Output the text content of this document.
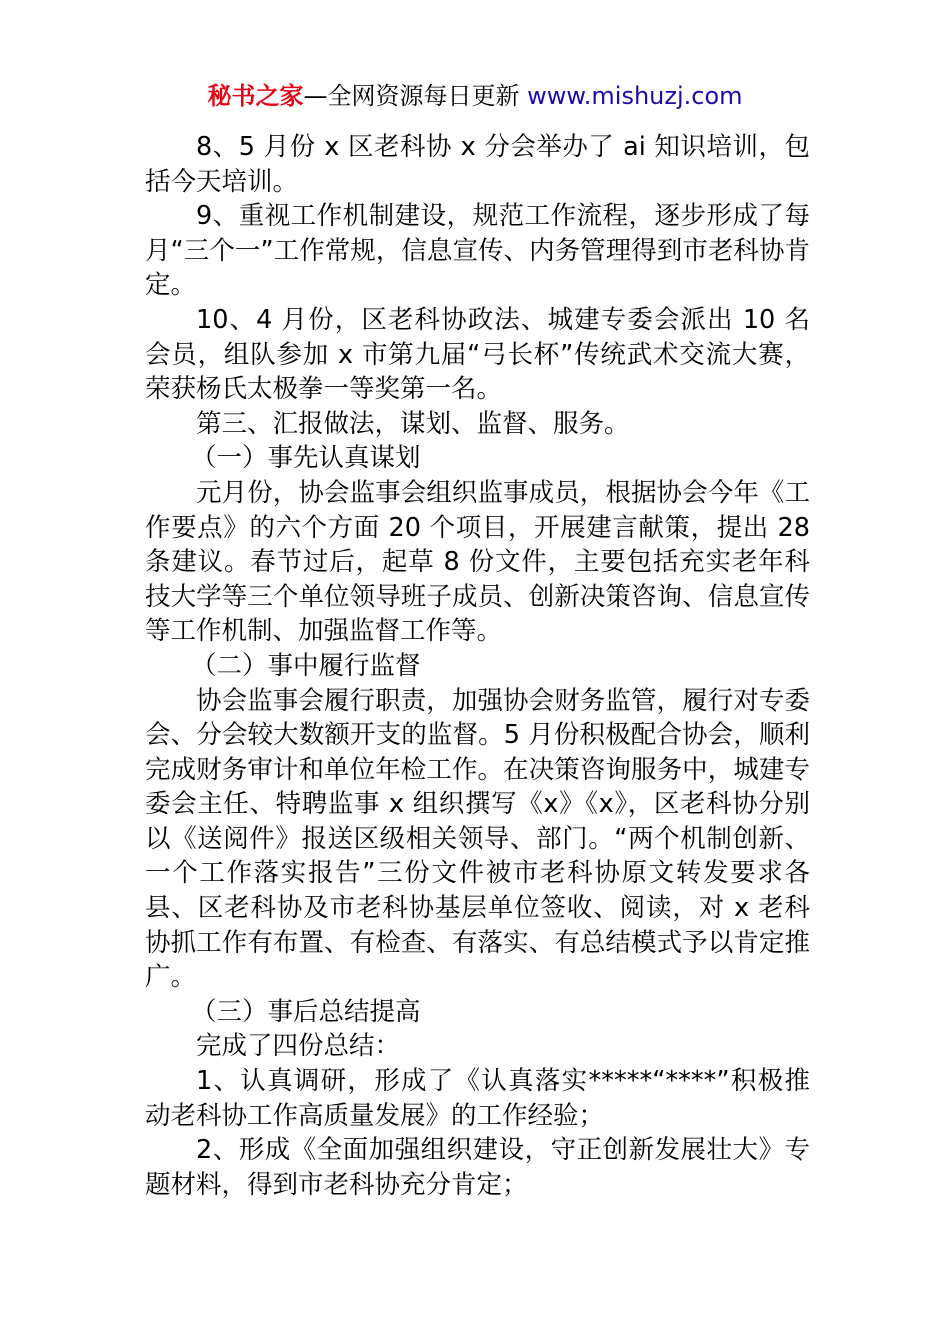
秘书之家—全网资源每日更新 www.mishuzj.com

8、5 月份 x 区老科协 x 分会举办了 ai 知识培训，包括今天培训。

9、重视工作机制建设，规范工作流程，逐步形成了每月“三个一”工作常规，信息宣传、内务管理得到市老科协肯定。

10、4 月份，区老科协政法、城建专委会派出 10 名会员，组队参加 x 市第九届“弓长杯”传统武术交流大赛，荣获杨氏太极拳一等奖第一名。

第三、汇报做法，谋划、监督、服务。

（一）事先认真谋划

元月份，协会监事会组织监事成员，根据协会今年《工作要点》的六个方面 20 个项目，开展建言献策，提出 28 条建议。春节过后，起草 8 份文件，主要包括充实老年科技大学等三个单位领导班子成员、创新决策咨询、信息宣传等工作机制、加强监督工作等。

（二）事中履行监督

协会监事会履行职责，加强协会财务监管，履行对专委会、分会较大数额开支的监督。5 月份积极配合协会，顺利完成财务审计和单位年检工作。在决策咨询服务中，城建专委会主任、特聘监事 x 组织撰写《x》《x》，区老科协分别以《送阅件》报送区级相关领导、部门。“两个机制创新、一个工作落实报告”三份文件被市老科协原文转发要求各县、区老科协及市老科协基层单位签收、阅读，对 x 老科协抓工作有布置、有检查、有落实、有总结模式予以肯定推广。

（三）事后总结提高

完成了四份总结：

1、认真调研，形成了《认真落实*****“****”积极推动老科协工作高质量发展》的工作经验；

2、形成《全面加强组织建设，守正创新发展壮大》专题材料，得到市老科协充分肯定；
